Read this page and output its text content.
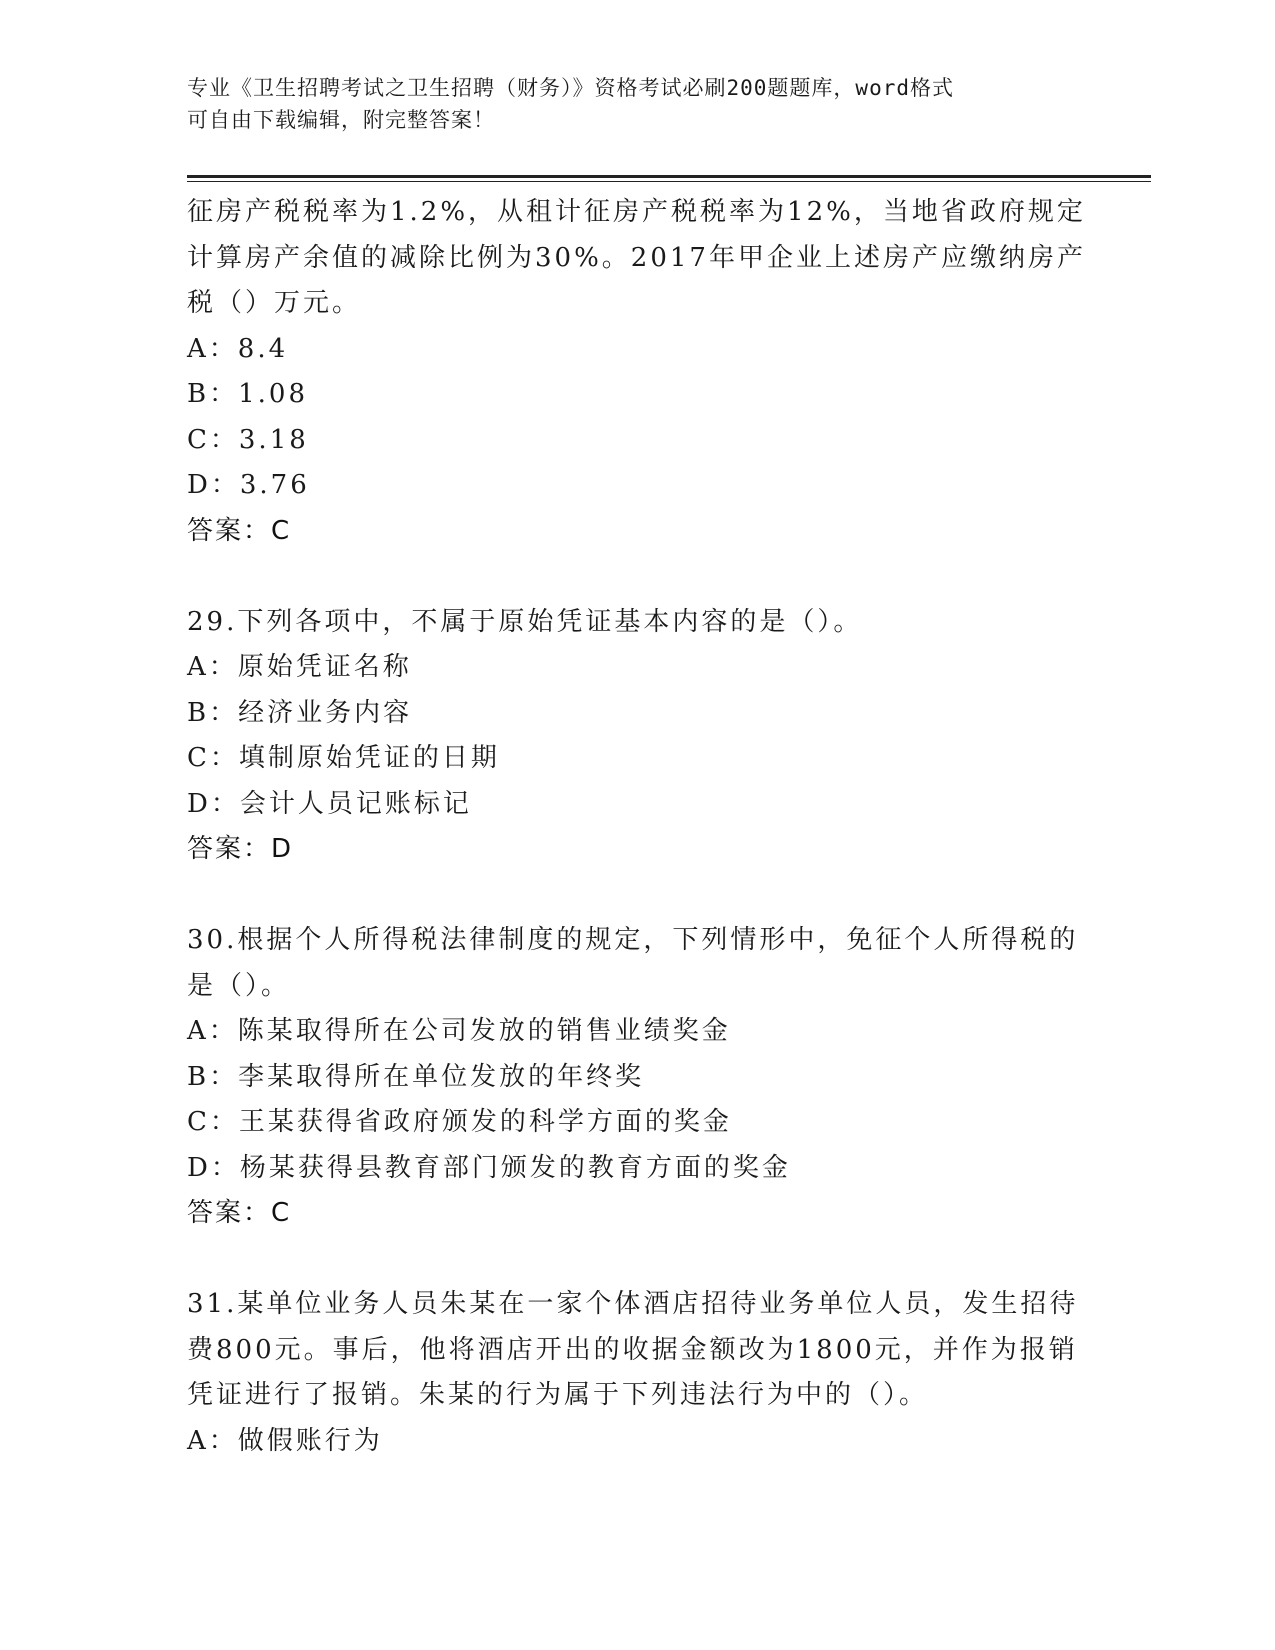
专业《卫生招聘考试之卫生招聘（财务）》资格考试必刷200题题库，word格式
可自由下载编辑，附完整答案！
征房产税税率为1.2%，从租计征房产税税率为12%，当地省政府规定
计算房产余值的减除比例为30%。2017年甲企业上述房产应缴纳房产
税（）万元。
A：8.4
B：1.08
C：3.18
D：3.76
答案：C
29.下列各项中，不属于原始凭证基本内容的是（）。
A：原始凭证名称
B：经济业务内容
C：填制原始凭证的日期
D：会计人员记账标记
答案：D
30.根据个人所得税法律制度的规定，下列情形中，免征个人所得税的
是（）。
A：陈某取得所在公司发放的销售业绩奖金
B：李某取得所在单位发放的年终奖
C：王某获得省政府颁发的科学方面的奖金
D：杨某获得县教育部门颁发的教育方面的奖金
答案：C
31.某单位业务人员朱某在一家个体酒店招待业务单位人员，发生招待
费800元。事后，他将酒店开出的收据金额改为1800元，并作为报销
凭证进行了报销。朱某的行为属于下列违法行为中的（）。
A：做假账行为
